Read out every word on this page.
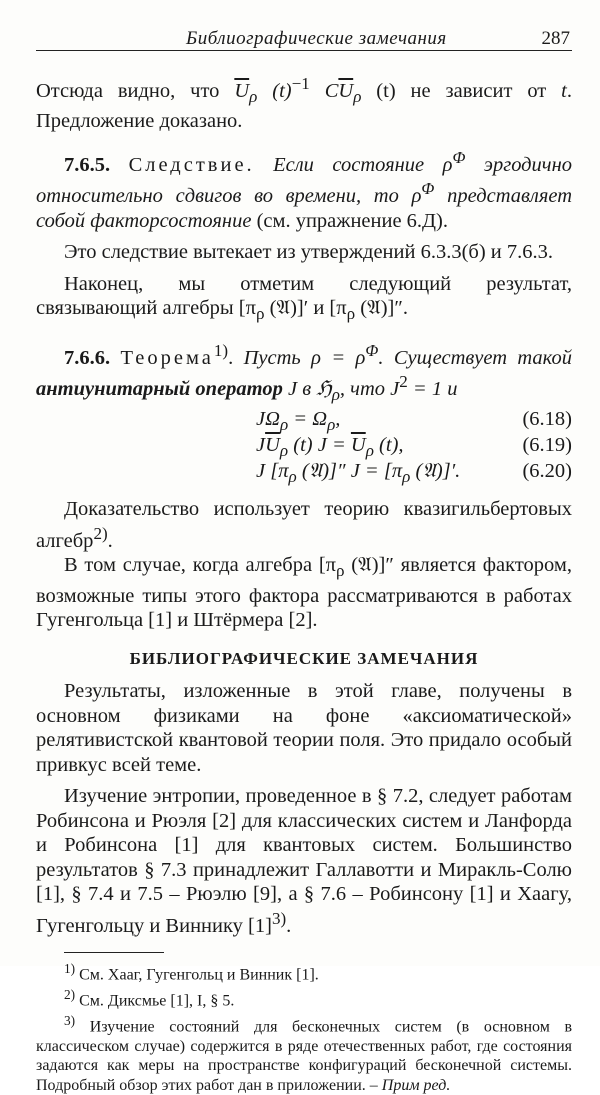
Библиографические замечания	287

Отсюда видно, что $\overline{U}_\rho$ $(t)^{-1}$ $C\overline{U}_\rho$ (t) не зависит от t. Предложение доказано.

7.6.5. Следствие. Если состояние $\rho^\Phi$ эргодично относительно сдвигов во времени, то $\rho^\Phi$ представляет собой факторсостояние (см. упражнение 6.Д).

Это следствие вытекает из утверждений 6.3.3(б) и 7.6.3.

Наконец, мы отметим следующий результат, связывающий алгебры [$\pi_\rho$ (𝔄)]′ и [$\pi_\rho$ (𝔄)]″.

7.6.6. Теорема$^{1)}$. Пусть $\rho = \rho^\Phi$. Существует такой антиунитарный оператор J в ℌ$_\rho$, что $J^2 = 1$ и

$J\Omega_\rho = \Omega_\rho$,	(6.18)
$J\overline{U}_\rho$ (t) $J = \overline{U}_\rho$ (t),	(6.19)
J [$\pi_\rho$ (𝔄)]″ $J = [\pi_\rho$ (𝔄)]′.	(6.20)

Доказательство использует теорию квазигильбертовых алгебр$^{2)}$.

В том случае, когда алгебра [$\pi_\rho$ (𝔄)]″ является фактором, возможные типы этого фактора рассматриваются в работах Гугенгольца [1] и Штёрмера [2].

БИБЛИОГРАФИЧЕСКИЕ ЗАМЕЧАНИЯ

Результаты, изложенные в этой главе, получены в основном физиками на фоне «аксиоматической» релятивистской квантовой теории поля. Это придало особый привкус всей теме.

Изучение энтропии, проведенное в § 7.2, следует работам Робинсона и Рюэля [2] для классических систем и Ланфорда и Робинсона [1] для квантовых систем. Большинство результатов § 7.3 принадлежит Галлавотти и Миракль-Солю [1], § 7.4 и 7.5 – Рюэлю [9], а § 7.6 – Робинсону [1] и Хаагу, Гугенгольцу и Виннику $[1]^{3)}$.

$^{1)}$ См. Хааг, Гугенгольц и Винник [1].

$^{2)}$ См. Диксмье [1], I, § 5.

$^{3)}$ Изучение состояний для бесконечных систем (в основном в классическом случае) содержится в ряде отечественных работ, где состояния задаются как меры на пространстве конфигураций бесконечной системы. Подробный обзор этих работ дан в приложении. – Прим ред.
